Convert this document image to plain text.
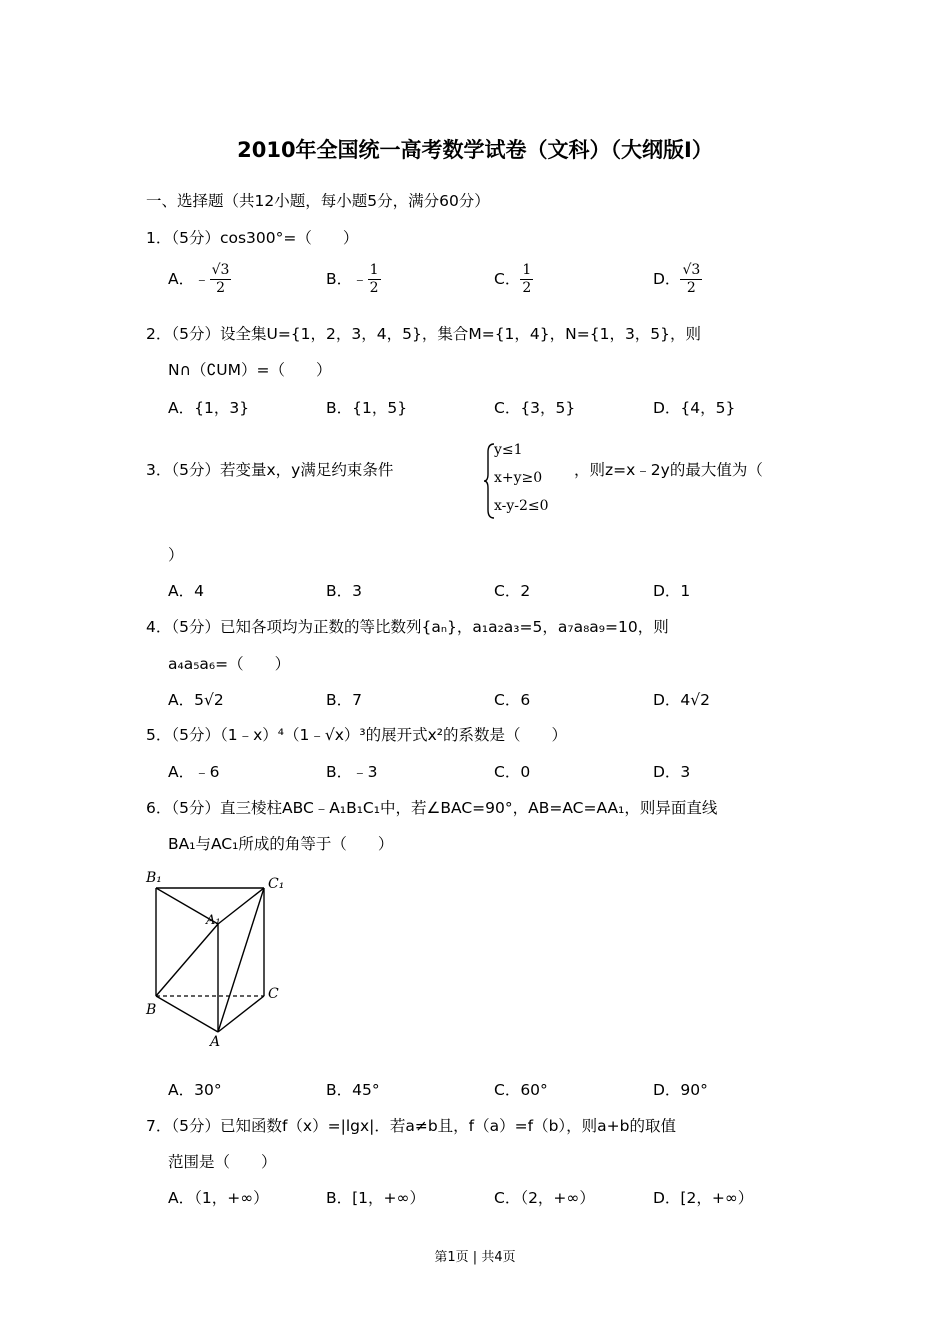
2010年全国统一高考数学试卷（文科）（大纲版Ⅰ）
一、选择题（共12小题，每小题5分，满分60分）
1．（5分）cos300°=（　　）
A．﹣ $\frac{√3}{2}$	B．﹣ $\frac{1}{2}$	C． $\frac{1}{2}$	D． $\frac{√3}{2}$
2．（5分）设全集U={1，2，3，4，5}，集合M={1，4}，N={1，3，5}，则
N∩（∁UM）=（　　）
A．{1，3}	B．{1，5}	C．{3，5}	D．{4，5}
3．（5分）若变量x，y满足约束条件
y≤1
x+y≥0
x-y-2≤0
，则z=x﹣2y的最大值为（
）
A．4	B．3	C．2	D．1
4．（5分）已知各项均为正数的等比数列{aₙ}，a₁a₂a₃=5，a₇a₈a₉=10，则
a₄a₅a₆=（　　）
A．5√2	B．7	C．6	D．4√2
5．（5分）（1﹣x）⁴（1﹣√x）³的展开式x²的系数是（　　）
A．﹣6	B．﹣3	C．0	D．3
6．（5分）直三棱柱ABC﹣A₁B₁C₁中，若∠BAC=90°，AB=AC=AA₁，则异面直线
BA₁与AC₁所成的角等于（　　）
B₁	C₁
A₁
B
C
A
A．30°	B．45°	C．60°	D．90°
7．（5分）已知函数f（x）=|lgx|．若a≠b且，f（a）=f（b），则a+b的取值
范围是（　　）
A．（1，+∞）	B．[1，+∞）	C．（2，+∞）	D．[2，+∞）
第1页 | 共4页
